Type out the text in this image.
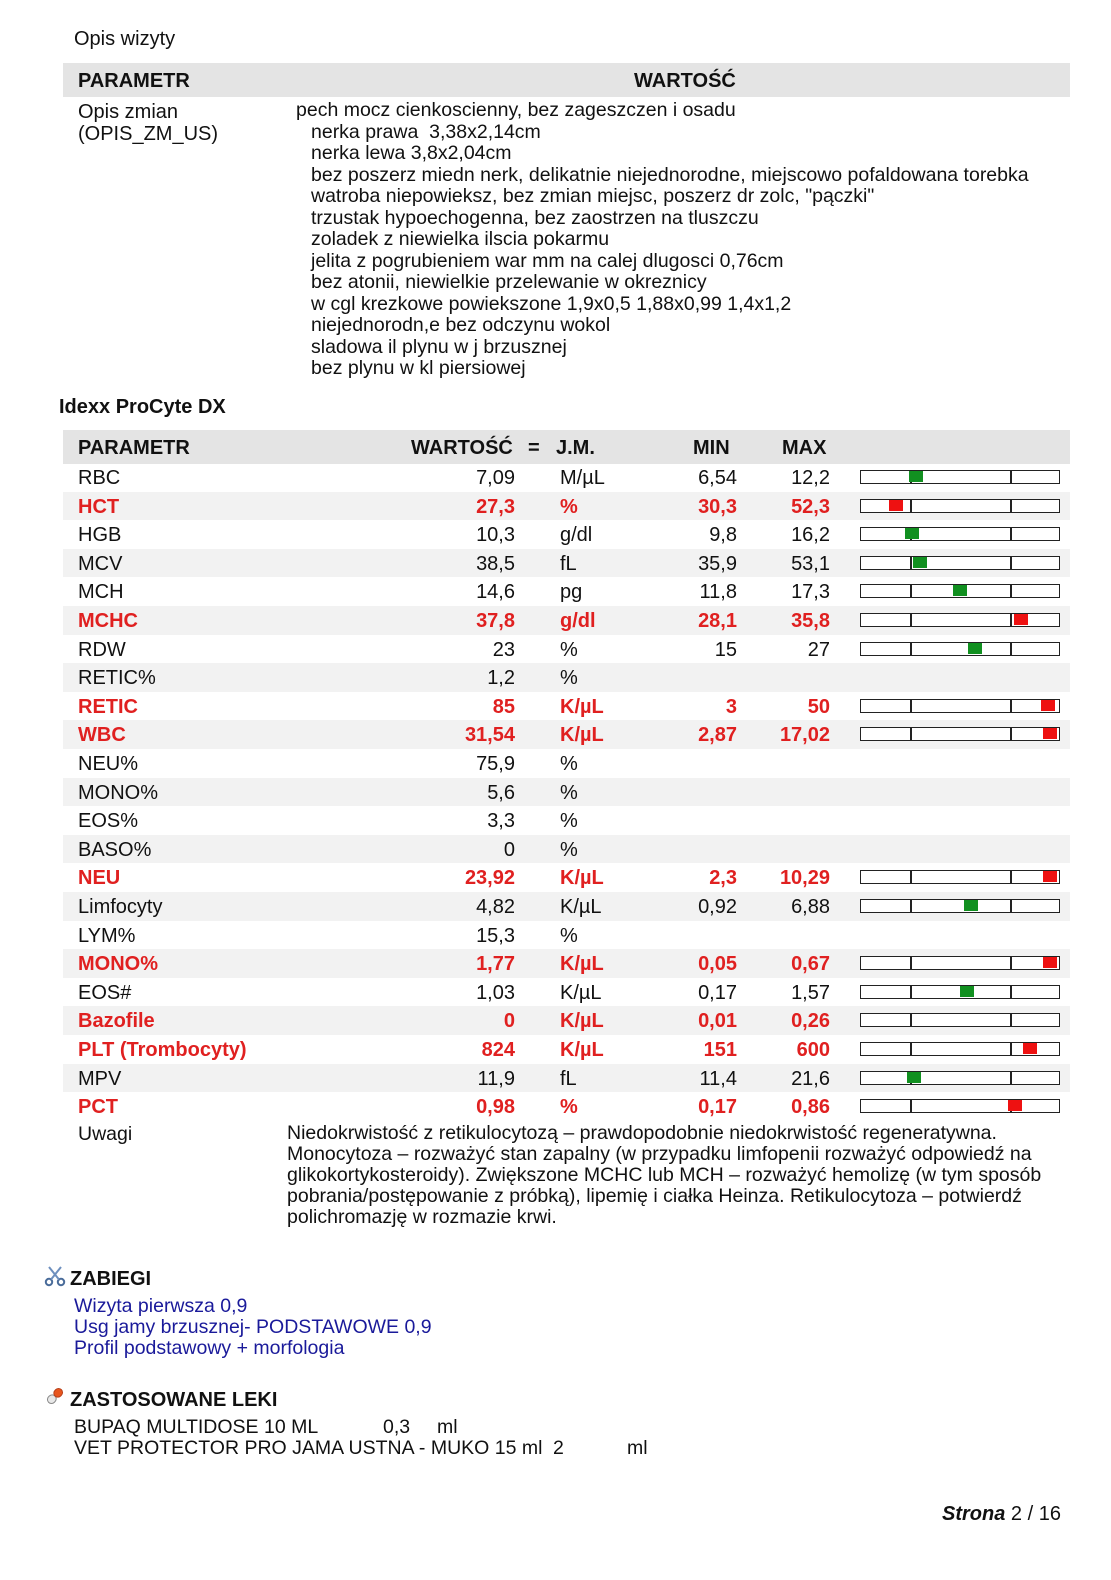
Opis wizyty
PARAMETR	WARTOŚĆ
Opis zmian
(OPIS_ZM_US)
pech mocz cienkoscienny, bez zageszczen i osadu
nerka prawa  3,38x2,14cm
nerka lewa 3,8x2,04cm
bez poszerz miedn nerk, delikatnie niejednorodne, miejscowo pofaldowana torebka
watroba niepowieksz, bez zmian miejsc, poszerz dr zolc, "pączki"
trzustak hypoechogenna, bez zaostrzen na tluszczu
zoladek z niewielka ilscia pokarmu
jelita z pogrubieniem war mm na calej dlugosci 0,76cm
bez atonii, niewielkie przelewanie w okreznicy
w cgl krezkowe powiekszone 1,9x0,5 1,88x0,99 1,4x1,2
niejednorodn,e bez odczynu wokol
sladowa il plynu w j brzusznej
bez plynu w kl piersiowej
Idexx ProCyte DX
PARAMETR	WARTOŚĆ = J.M.	MIN	MAX
RBC	7,09 M/µL	6,54	12,2
HCT	27,3 %	30,3	52,3
HGB	10,3 g/dl	9,8	16,2
MCV	38,5 fL	35,9	53,1
MCH	14,6 pg	11,8	17,3
MCHC	37,8 g/dl	28,1	35,8
RDW	23 %	15	27
RETIC%	1,2 %
RETIC	85 K/µL	3	50
WBC	31,54 K/µL	2,87 17,02
NEU%	75,9 %
MONO%	5,6 %
EOS%	3,3 %
BASO%	0 %
NEU	23,92 K/µL	2,3 10,29
Limfocyty	4,82 K/µL	0,92	6,88
LYM%	15,3 %
MONO%	1,77 K/µL	0,05	0,67
EOS#	1,03 K/µL	0,17	1,57
Bazofile	0 K/µL	0,01	0,26
PLT (Trombocyty)	824 K/µL	151	600
MPV	11,9 fL	11,4	21,6
PCT	0,98 %	0,17	0,86
Uwagi	Niedokrwistość z retikulocytozą – prawdopodobnie niedokrwistość regeneratywna.
Monocytoza – rozważyć stan zapalny (w przypadku limfopenii rozważyć odpowiedź na
glikokortykosteroidy). Zwiększone MCHC lub MCH – rozważyć hemolizę (w tym sposób
pobrania/postępowanie z próbką), lipemię i ciałka Heinza. Retikulocytoza – potwierdź
polichromazję w rozmazie krwi.
ZABIEGI
Wizyta pierwsza 0,9
Usg jamy brzusznej- PODSTAWOWE 0,9
Profil podstawowy + morfologia
ZASTOSOWANE LEKI
BUPAQ MULTIDOSE 10 ML	0,3 ml
VET PROTECTOR PRO JAMA USTNA - MUKO 15 ml 2	ml
Strona 2 / 16
